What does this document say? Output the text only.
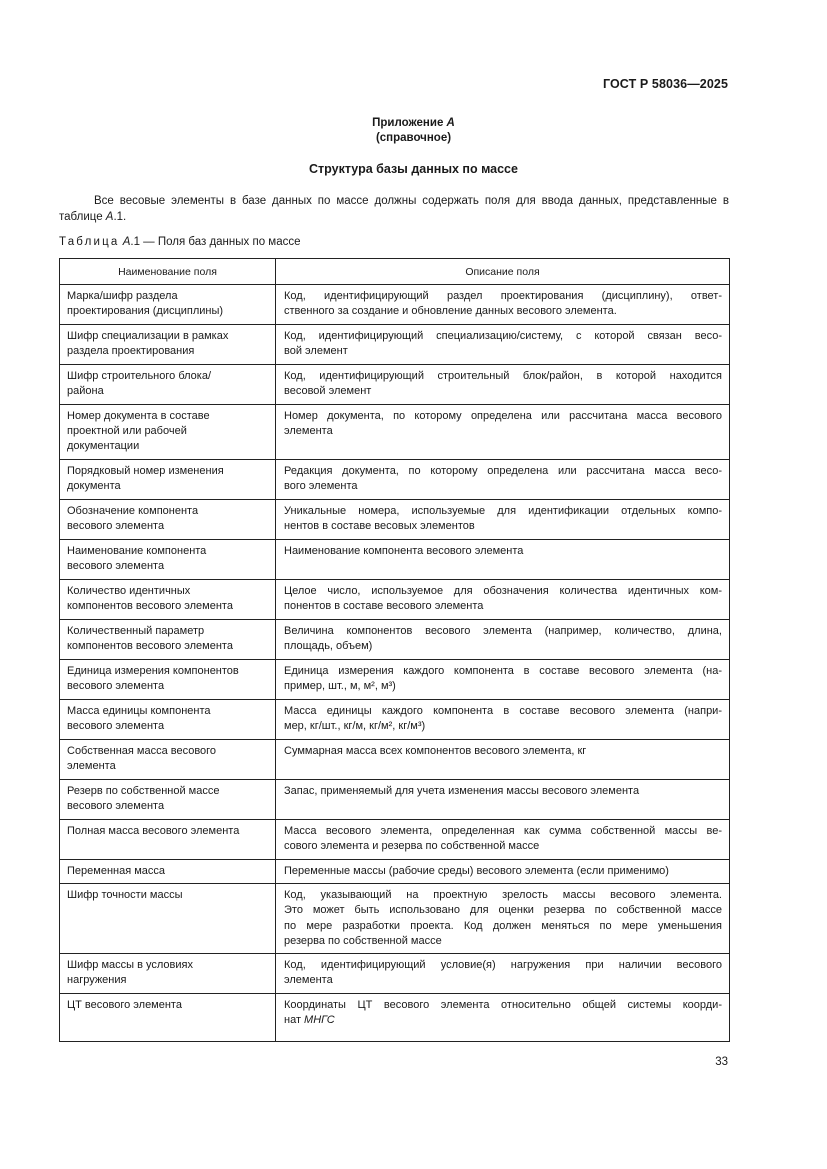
ГОСТ Р 58036—2025
Приложение А
(справочное)
Структура базы данных по массе
Все весовые элементы в базе данных по массе должны содержать поля для ввода данных, представленные в таблице А.1.
Таблица А.1 — Поля баз данных по массе
Наименование поля	Описание поля

Марка/шифр раздела
проектирования (дисциплины)	Код, идентифицирующий раздел проектирования (дисциплину), ответ-
ственного за создание и обновление данных весового элемента.

Шифр специализации в рамках
раздела проектирования	Код, идентифицирующий специализацию/систему, с которой связан весо-
вой элемент

Шифр строительного блока/
района	Код, идентифицирующий строительный блок/район, в которой находится
весовой элемент

Номер документа в составе
проектной или рабочей
документации	Номер документа, по которому определена или рассчитана масса весового
элемента

Порядковый номер изменения
документа	Редакция документа, по которому определена или рассчитана масса весо-
вого элемента

Обозначение компонента
весового элемента	Уникальные номера, используемые для идентификации отдельных компо-
нентов в составе весовых элементов

Наименование компонента
весового элемента	Наименование компонента весового элемента

Количество идентичных
компонентов весового элемента	Целое число, используемое для обозначения количества идентичных ком-
понентов в составе весового элемента

Количественный параметр
компонентов весового элемента	Величина компонентов весового элемента (например, количество, длина,
площадь, объем)

Единица измерения компонентов
весового элемента	Единица измерения каждого компонента в составе весового элемента (на-
пример, шт., м, м², м³)

Масса единицы компонента
весового элемента	Масса единицы каждого компонента в составе весового элемента (напри-
мер, кг/шт., кг/м, кг/м², кг/м³)

Собственная масса весового
элемента	Суммарная масса всех компонентов весового элемента, кг

Резерв по собственной массе
весового элемента	Запас, применяемый для учета изменения массы весового элемента

Полная масса весового элемента	Масса весового элемента, определенная как сумма собственной массы ве-
сового элемента и резерва по собственной массе

Переменная масса	Переменные массы (рабочие среды) весового элемента (если применимо)

Шифр точности массы	Код, указывающий на проектную зрелость массы весового элемента.
Это может быть использовано для оценки резерва по собственной массе
по мере разработки проекта. Код должен меняться по мере уменьшения
резерва по собственной массе

Шифр массы в условиях
нагружения	Код, идентифицирующий условие(я) нагружения при наличии весового
элемента

ЦТ весового элемента	Координаты ЦТ весового элемента относительно общей системы коорди-
нат МНГС
33
